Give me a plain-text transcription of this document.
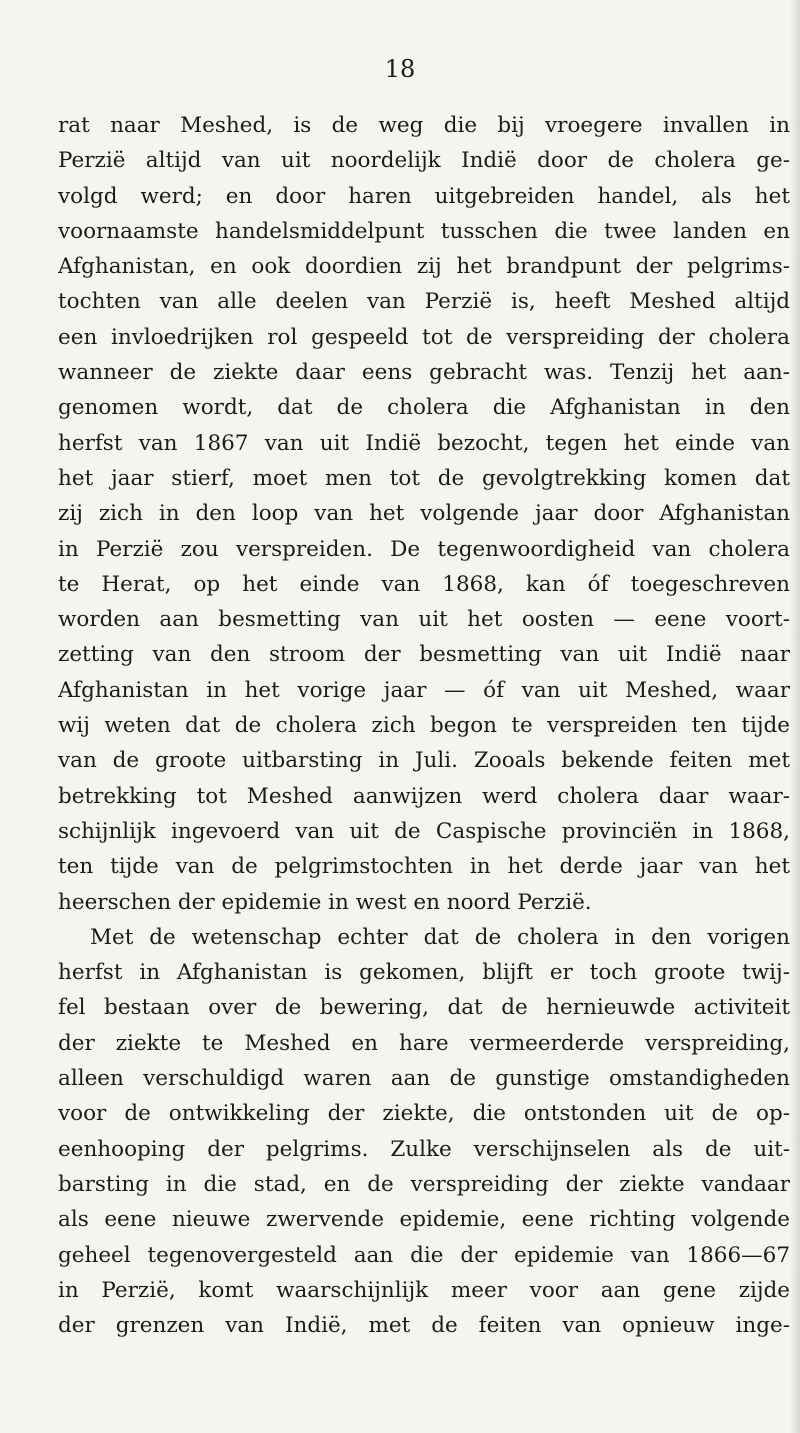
18
rat naar Meshed, is de weg die bij vroegere invallen in
Perzië altijd van uit noordelijk Indië door de cholera ge-
volgd werd; en door haren uitgebreiden handel, als het
voornaamste handelsmiddelpunt tusschen die twee landen en
Afghanistan, en ook doordien zij het brandpunt der pelgrims-
tochten van alle deelen van Perzië is, heeft Meshed altijd
een invloedrijken rol gespeeld tot de verspreiding der cholera
wanneer de ziekte daar eens gebracht was. Tenzij het aan-
genomen wordt, dat de cholera die Afghanistan in den
herfst van 1867 van uit Indië bezocht, tegen het einde van
het jaar stierf, moet men tot de gevolgtrekking komen dat
zij zich in den loop van het volgende jaar door Afghanistan
in Perzië zou verspreiden. De tegenwoordigheid van cholera
te Herat, op het einde van 1868, kan óf toegeschreven
worden aan besmetting van uit het oosten — eene voort-
zetting van den stroom der besmetting van uit Indië naar
Afghanistan in het vorige jaar — óf van uit Meshed, waar
wij weten dat de cholera zich begon te verspreiden ten tijde
van de groote uitbarsting in Juli. Zooals bekende feiten met
betrekking tot Meshed aanwijzen werd cholera daar waar-
schijnlijk ingevoerd van uit de Caspische provinciën in 1868,
ten tijde van de pelgrimstochten in het derde jaar van het
heerschen der epidemie in west en noord Perzië.
Met de wetenschap echter dat de cholera in den vorigen
herfst in Afghanistan is gekomen, blijft er toch groote twij-
fel bestaan over de bewering, dat de hernieuwde activiteit
der ziekte te Meshed en hare vermeerderde verspreiding,
alleen verschuldigd waren aan de gunstige omstandigheden
voor de ontwikkeling der ziekte, die ontstonden uit de op-
eenhooping der pelgrims. Zulke verschijnselen als de uit-
barsting in die stad, en de verspreiding der ziekte vandaar
als eene nieuwe zwervende epidemie, eene richting volgende
geheel tegenovergesteld aan die der epidemie van 1866—67
in Perzië, komt waarschijnlijk meer voor aan gene zijde
der grenzen van Indië, met de feiten van opnieuw inge-
